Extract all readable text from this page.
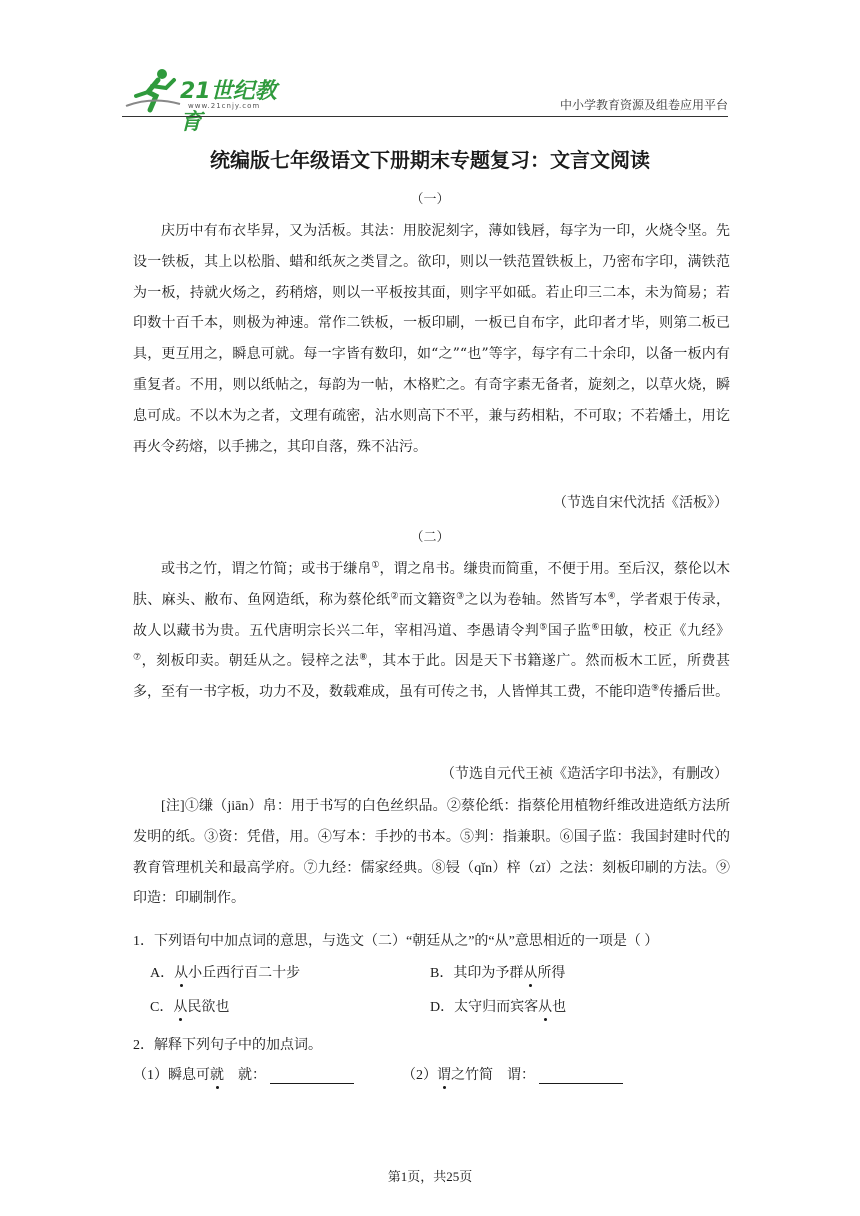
21世纪教育
www.21cnjy.com	中小学教育资源及组卷应用平台
统编版七年级语文下册期末专题复习：文言文阅读
（一）

庆历中有布衣毕昇，又为活板。其法：用胶泥刻字，薄如钱唇，每字为一印，火烧令坚。先设一铁板，其上以松脂、蜡和纸灰之类冒之。欲印，则以一铁范置铁板上，乃密布字印，满铁范为一板，持就火炀之，药稍熔，则以一平板按其面，则字平如砥。若止印三二本，未为简易；若印数十百千本，则极为神速。常作二铁板，一板印刷，一板已自布字，此印者才毕，则第二板已具，更互用之，瞬息可就。每一字皆有数印，如“之”“也”等字，每字有二十余印，以备一板内有重复者。不用，则以纸帖之，每韵为一帖，木格贮之。有奇字素无备者，旋刻之，以草火烧，瞬息可成。不以木为之者，文理有疏密，沾水则高下不平，兼与药相粘，不可取；不若燔土，用讫再火令药熔，以手拂之，其印自落，殊不沾污。

（节选自宋代沈括《活板》）
（二）

或书之竹，谓之竹简；或书于缣帛①，谓之帛书。缣贵而简重，不便于用。至后汉，蔡伦以木肤、麻头、敝布、鱼网造纸，称为蔡伦纸②而文籍资③之以为卷轴。然皆写本④，学者艰于传录，故人以藏书为贵。五代唐明宗长兴二年，宰相冯道、李愚请令判⑤国子监⑥田敏，校正《九经》⑦，刻板印卖。朝廷从之。锓梓之法⑧，其本于此。因是天下书籍遂广。然而板木工匠，所费甚多，至有一书字板，功力不及，数载难成，虽有可传之书，人皆惮其工费，不能印造⑨传播后世。

（节选自元代王祯《造活字印书法》，有删改）

[注]①缣（jiān）帛：用于书写的白色丝织品。②蔡伦纸：指蔡伦用植物纤维改进造纸方法所发明的纸。③资：凭借，用。④写本：手抄的书本。⑤判：指兼职。⑥国子监：我国封建时代的教育管理机关和最高学府。⑦九经：儒家经典。⑧锓（qǐn）梓（zǐ）之法：刻板印刷的方法。⑨印造：印刷制作。

1．下列语句中加点词的意思，与选文（二）“朝廷从之”的“从”意思相近的一项是（ ）
A．从小丘西行百二十步	B．其印为予群从所得
C．从民欲也	D．太守归而宾客从也
2．解释下列句子中的加点词。
（1）瞬息可就 就：	（2）谓之竹简 谓：
第1页，共25页
